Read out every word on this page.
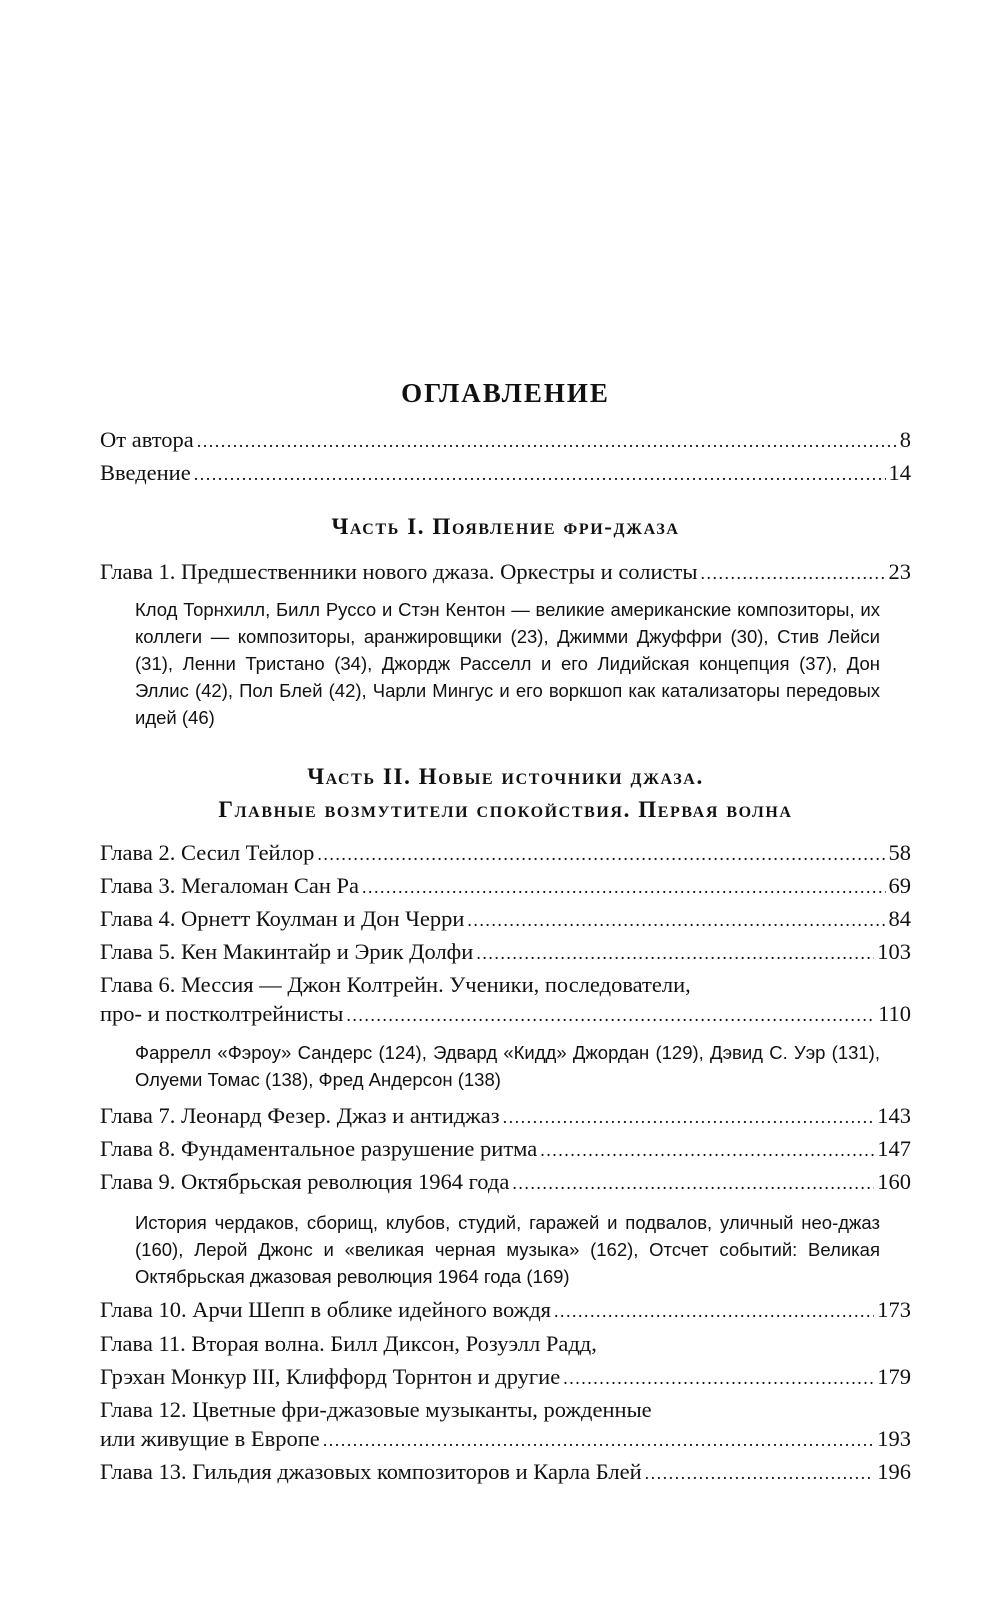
ОГЛАВЛЕНИЕ
От автора .....	8
Введение .....	14
Часть I. Появление фри-джаза
Глава 1. Предшественники нового джаза. Оркестры и солисты .....	23

Клод Торнхилл, Билл Руссо и Стэн Кентон — великие американские композиторы, их коллеги — композиторы, аранжировщики (23), Джимми Джуффри (30), Стив Лейси (31), Ленни Тристано (34), Джордж Расселл и его Лидийская концепция (37), Дон Эллис (42), Пол Блей (42), Чарли Мингус и его воркшоп как катализаторы передовых идей (46)

Часть II. Новые источники джаза.
Главные возмутители спокойствия. Первая волна
Глава 2. Сесил Тейлор .....	58
Глава 3. Мегаломан Сан Ра .....	69
Глава 4. Орнетт Коулман и Дон Черри .....	84
Глава 5. Кен Макинтайр и Эрик Долфи .....	103
Глава 6. Мессия — Джон Колтрейн. Ученики, последователи,
про- и постколтрейнисты .....	110

Фаррелл «Фэроу» Сандерс (124), Эдвард «Кидд» Джордан (129), Дэвид С. Уэр (131), Олуеми Томас (138), Фред Андерсон (138)

Глава 7. Леонард Фезер. Джаз и антиджаз .....	143
Глава 8. Фундаментальное разрушение ритма .....	147
Глава 9. Октябрьская революция 1964 года .....	160

История чердаков, сборищ, клубов, студий, гаражей и подвалов, уличный нео-джаз (160), Лерой Джонс и «великая черная музыка» (162), Отсчет событий: Великая Октябрьская джазовая революция 1964 года (169)

Глава 10. Арчи Шепп в облике идейного вождя .....	173
Глава 11. Вторая волна. Билл Диксон, Розуэлл Радд,
Грэхан Монкур III, Клиффорд Торнтон и другие .....	179
Глава 12. Цветные фри-джазовые музыканты, рожденные
или живущие в Европе .....	193
Глава 13. Гильдия джазовых композиторов и Карла Блей .....	196
